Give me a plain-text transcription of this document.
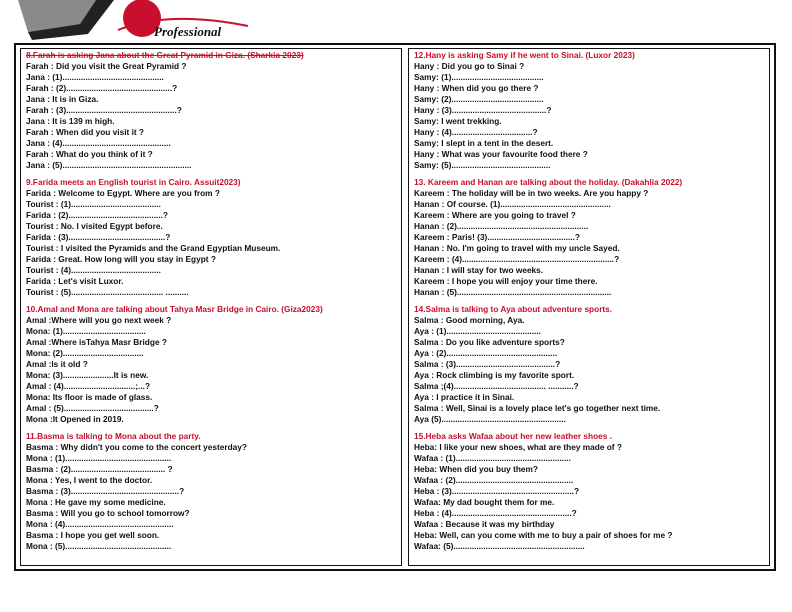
Professional
8.Farah is asking Jana about the Great Pyramid in Giza. (Sharkia 2023)
Farah : Did you visit the Great Pyramid ?
Jana : (1)............................................
Farah : (2)..............................................?
Jana : It is in Giza.
Farah : (3)................................................?
Jana : It is 139 m high.
Farah : When did you visit it ?
Jana : (4)...............................................
Farah : What do you think of it ?
Jana : (5)........................................................
9.Farida meets an English tourist in Cairo. Assuit2023)
Farida : Welcome to Egypt. Where are you from ?
Tourist : (1).......................................
Farida : (2).........................................?
Tourist : No. I visited Egypt before.
Farida : (3)..........................................?
Tourist : I visited the Pyramids and the Grand Egyptian Museum.
Farida : Great. How long will you stay in Egypt ?
Tourist : (4).......................................
Farida : Let's visit Luxor.
Tourist : (5)........................................ ..........
10.Amal and Mona are talking about Tahya Masr Bridge in Cairo. (Giza2023)
Amal :Where will you go next week ?
Mona: (1)....................................
Amal :Where isTahya Masr Bridge ?
Mona: (2)...................................
Amal :Is it old ?
Mona: (3)......................It is new.
Amal : (4)...............................;...?
Mona: Its floor is made of glass.
Amal : (5).......................................?
Mona :It Opened in 2019.
11.Basma is talking to Mona about the party.
Basma : Why didn't you come to the concert yesterday?
Mona : (1)..............................................
Basma : (2)......................................... ?
Mona : Yes, I went to the doctor.
Basma : (3)...............................................?
Mona : He gave my some medicine.
Basma : Will you go to school tomorrow?
Mona : (4)...............................................
Basma : I hope you get well soon.
Mona : (5)..............................................
12.Hany is asking Samy if he went to Sinai. (Luxor 2023)
Hany : Did you go to Sinai ?
Samy: (1)........................................
Hany : When did you go there ?
Samy: (2)........................................
Hany : (3).........................................?
Samy: I went trekking.
Hany : (4)...................................?
Samy: I slept in a tent in the desert.
Hany : What was your favourite food there ?
Samy: (5)...........................................
13. Kareem and Hanan are talking about the holiday. (Dakahlia 2022)
Kareem : The holiday will be in two weeks. Are you happy ?
Hanan : Of course. (1)................................................
Kareem : Where are you going to travel ?
Hanan : (2).........................................................
Kareem : Paris! (3)......................................?
Hanan : No. I'm going to travel with my uncle Sayed.
Kareem : (4)..................................................................?
Hanan : I will stay for two weeks.
Kareem : I hope you will enjoy your time there.
Hanan : (5)...................................................................
14.Salma is talking to Aya about adventure sports.
Salma : Good morning, Aya.
Aya : (1).........................................
Salma : Do you like adventure sports?
Aya : (2)................................................
Salma : (3)...........................................?
Aya : Rock climbing is my favorite sport.
Salma ;(4)........................................ ...........?
Aya : I practice it in Sinai.
Salma : Well, Sinai is a lovely place let's go together next time.
Aya (5)......................................................
15.Heba asks Wafaa about her new leather shoes .
Heba: I like your new shoes, what are they made of ?
Wafaa : (1)..................................................
Heba: When did you buy them?
Wafaa : (2)...................................................
Heba : (3).....................................................?
Wafaa: My dad bought them for me.
Heba : (4)....................................................?
Wafaa : Because it was my birthday
Heba: Well, can you come with me to buy a pair of shoes for me ?
Wafaa: (5).........................................................
